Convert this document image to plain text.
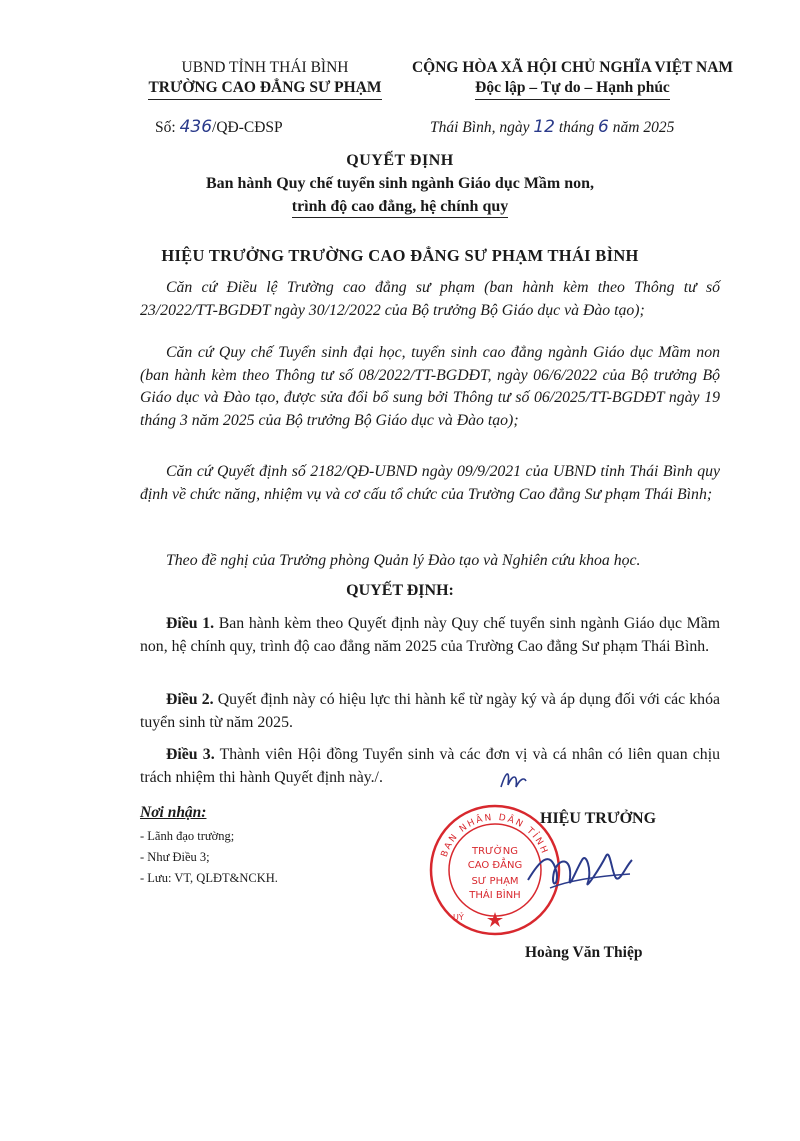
UBND TỈNH THÁI BÌNH
TRƯỜNG CAO ĐẲNG SƯ PHẠM
CỘNG HÒA XÃ HỘI CHỦ NGHĨA VIỆT NAM
Độc lập – Tự do – Hạnh phúc
Số: 436/QĐ-CĐSP	Thái Bình, ngày 12 tháng 6 năm 2025
QUYẾT ĐỊNH
Ban hành Quy chế tuyển sinh ngành Giáo dục Mầm non,
trình độ cao đẳng, hệ chính quy
HIỆU TRƯỞNG TRƯỜNG CAO ĐẲNG SƯ PHẠM THÁI BÌNH
Căn cứ Điều lệ Trường cao đẳng sư phạm (ban hành kèm theo Thông tư số 23/2022/TT-BGDĐT ngày 30/12/2022 của Bộ trưởng Bộ Giáo dục và Đào tạo);
Căn cứ Quy chế Tuyển sinh đại học, tuyển sinh cao đẳng ngành Giáo dục Mầm non (ban hành kèm theo Thông tư số 08/2022/TT-BGDĐT, ngày 06/6/2022 của Bộ trưởng Bộ Giáo dục và Đào tạo, được sửa đổi bổ sung bởi Thông tư số 06/2025/TT-BGDĐT ngày 19 tháng 3 năm 2025 của Bộ trưởng Bộ Giáo dục và Đào tạo);
Căn cứ Quyết định số 2182/QĐ-UBND ngày 09/9/2021 của UBND tỉnh Thái Bình quy định về chức năng, nhiệm vụ và cơ cấu tổ chức của Trường Cao đẳng Sư phạm Thái Bình;
Theo đề nghị của Trưởng phòng Quản lý Đào tạo và Nghiên cứu khoa học.
QUYẾT ĐỊNH:
Điều 1. Ban hành kèm theo Quyết định này Quy chế tuyển sinh ngành Giáo dục Mầm non, hệ chính quy, trình độ cao đẳng năm 2025 của Trường Cao đẳng Sư phạm Thái Bình.
Điều 2. Quyết định này có hiệu lực thi hành kể từ ngày ký và áp dụng đối với các khóa tuyển sinh từ năm 2025.
Điều 3. Thành viên Hội đồng Tuyển sinh và các đơn vị và cá nhân có liên quan chịu trách nhiệm thi hành Quyết định này./.
Nơi nhận:
- Lãnh đạo trường;
- Như Điều 3;
- Lưu: VT, QLĐT&NCKH.
BAN NHÂN DÂN TỈNH
TRƯỜNG
CAO ĐẲNG
SƯ PHẠM
THÁI BÌNH
UỶ
HIỆU TRƯỞNG
Hoàng Văn Thiệp
